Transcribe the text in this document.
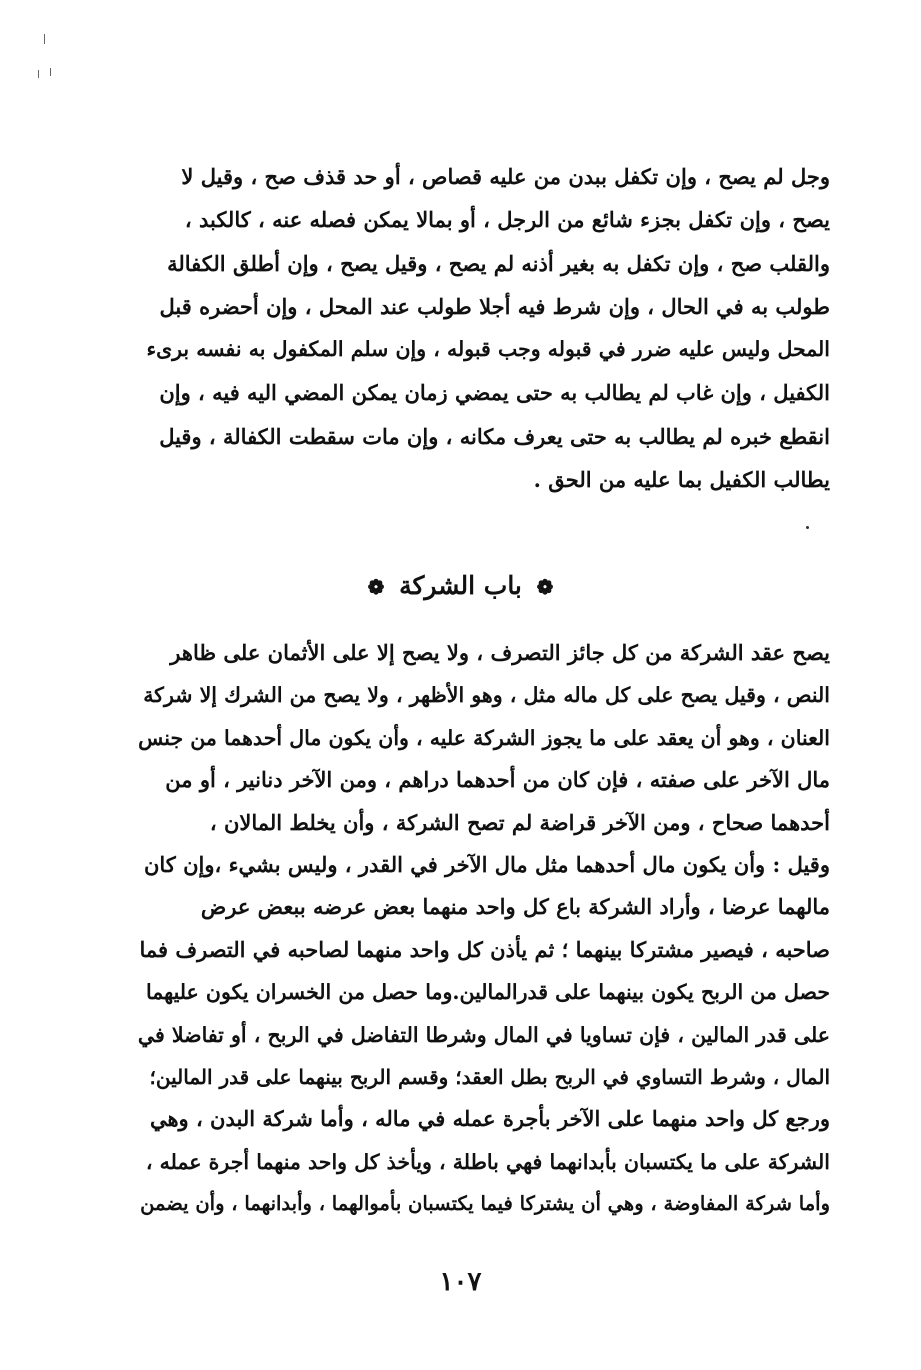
وجل لم يصح ، وإن تكفل ببدن من عليه قصاص ، أو حد قذف صح ، وقيل لا
يصح ، وإن تكفل بجزء شائع من الرجل ، أو بمالا يمكن فصله عنه ، كالكبد ،
والقلب صح ، وإن تكفل به بغير أذنه لم يصح ، وقيل يصح ، وإن أطلق الكفالة
طولب به في الحال ، وإن شرط فيه أجلا طولب عند المحل ، وإن أحضره قبل
المحل وليس عليه ضرر في قبوله وجب قبوله ، وإن سلم المكفول به نفسه برىء
الكفيل ، وإن غاب لم يطالب به حتى يمضي زمان يمكن المضي اليه فيه ، وإن
انقطع خبره لم يطالب به حتى يعرف مكانه ، وإن مات سقطت الكفالة ، وقيل
يطالب الكفيل بما عليه من الحق .
❁ باب الشركة ❁
يصح عقد الشركة من كل جائز التصرف ، ولا يصح إلا على الأثمان على ظاهر
النص ، وقيل يصح على كل ماله مثل ، وهو الأظهر ، ولا يصح من الشرك إلا شركة
العنان ، وهو أن يعقد على ما يجوز الشركة عليه ، وأن يكون مال أحدهما من جنس
مال الآخر على صفته ، فإن كان من أحدهما دراهم ، ومن الآخر دنانير ، أو من
أحدهما صحاح ، ومن الآخر قراضة لم تصح الشركة ، وأن يخلط المالان ،
وقيل : وأن يكون مال أحدهما مثل مال الآخر في القدر ، وليس بشيء ،وإن كان
مالهما عرضا ، وأراد الشركة باع كل واحد منهما بعض عرضه ببعض عرض
صاحبه ، فيصير مشتركا بينهما ؛ ثم يأذن كل واحد منهما لصاحبه في التصرف فما
حصل من الربح يكون بينهما على قدرالمالين.وما حصل من الخسران يكون عليهما
على قدر المالين ، فإن تساويا في المال وشرطا التفاضل في الربح ، أو تفاضلا في
المال ، وشرط التساوي في الربح بطل العقد؛ وقسم الربح بينهما على قدر المالين؛
ورجع كل واحد منهما على الآخر بأجرة عمله في ماله ، وأما شركة البدن ، وهي
الشركة على ما يكتسبان بأبدانهما فهي باطلة ، ويأخذ كل واحد منهما أجرة عمله ،
وأما شركة المفاوضة ، وهي أن يشتركا فيما يكتسبان بأموالهما ، وأبدانهما ، وأن يضمن
١٠٧
